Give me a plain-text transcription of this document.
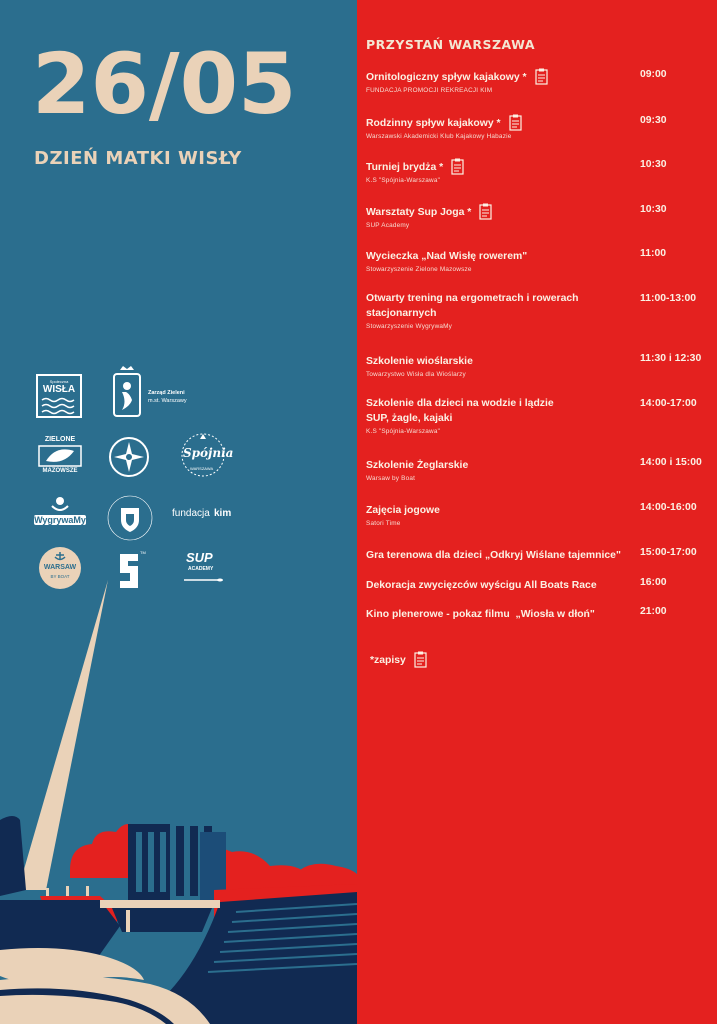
26/05
DZIEŃ MATKI WISŁY
Społeczna
WISŁA	Zarząd Zieleni
m.st. Warszawy
ZIELONE
MAZOWSZE
Spójnia
WARSZAWA
WygrywaMy
fundacja kim
WARSAW
BY BOAT
TM	SUP
ACADEMY
PRZYSTAŃ WARSZAWA
Ornitologiczny spływ kajakowy *
FUNDACJA PROMOCJI REKREACJI KIM
09:00
Rodzinny spływ kajakowy *
Warszawski Akademicki Klub Kajakowy Habazie
09:30
Turniej brydża *
K.S "Spójnia-Warszawa"
10:30
Warsztaty Sup Joga *
SUP Academy
10:30
Wycieczka „Nad Wisłę rowerem"
Stowarzyszenie Zielone Mazowsze
11:00
Otwarty trening na ergometrach i rowerach stacjonarnych
Stowarzyszenie WygrywaMy
11:00-13:00
Szkolenie wioślarskie
Towarzystwo Wisła dla Wioślarzy
11:30 i 12:30
Szkolenie dla dzieci na wodzie i lądzie SUP, żagle, kajaki
K.S "Spójnia-Warszawa"
14:00-17:00
Szkolenie Żeglarskie
Warsaw by Boat
14:00 i 15:00
Zajęcia jogowe
Satori Time
14:00-16:00
Gra terenowa dla dzieci „Odkryj Wiślane tajemnice" 15:00-17:00
Dekoracja zwycięzców wyścigu All Boats Race	16:00
Kino plenerowe - pokaz filmu  „Wiosła w dłoń"	21:00
*zapisy
